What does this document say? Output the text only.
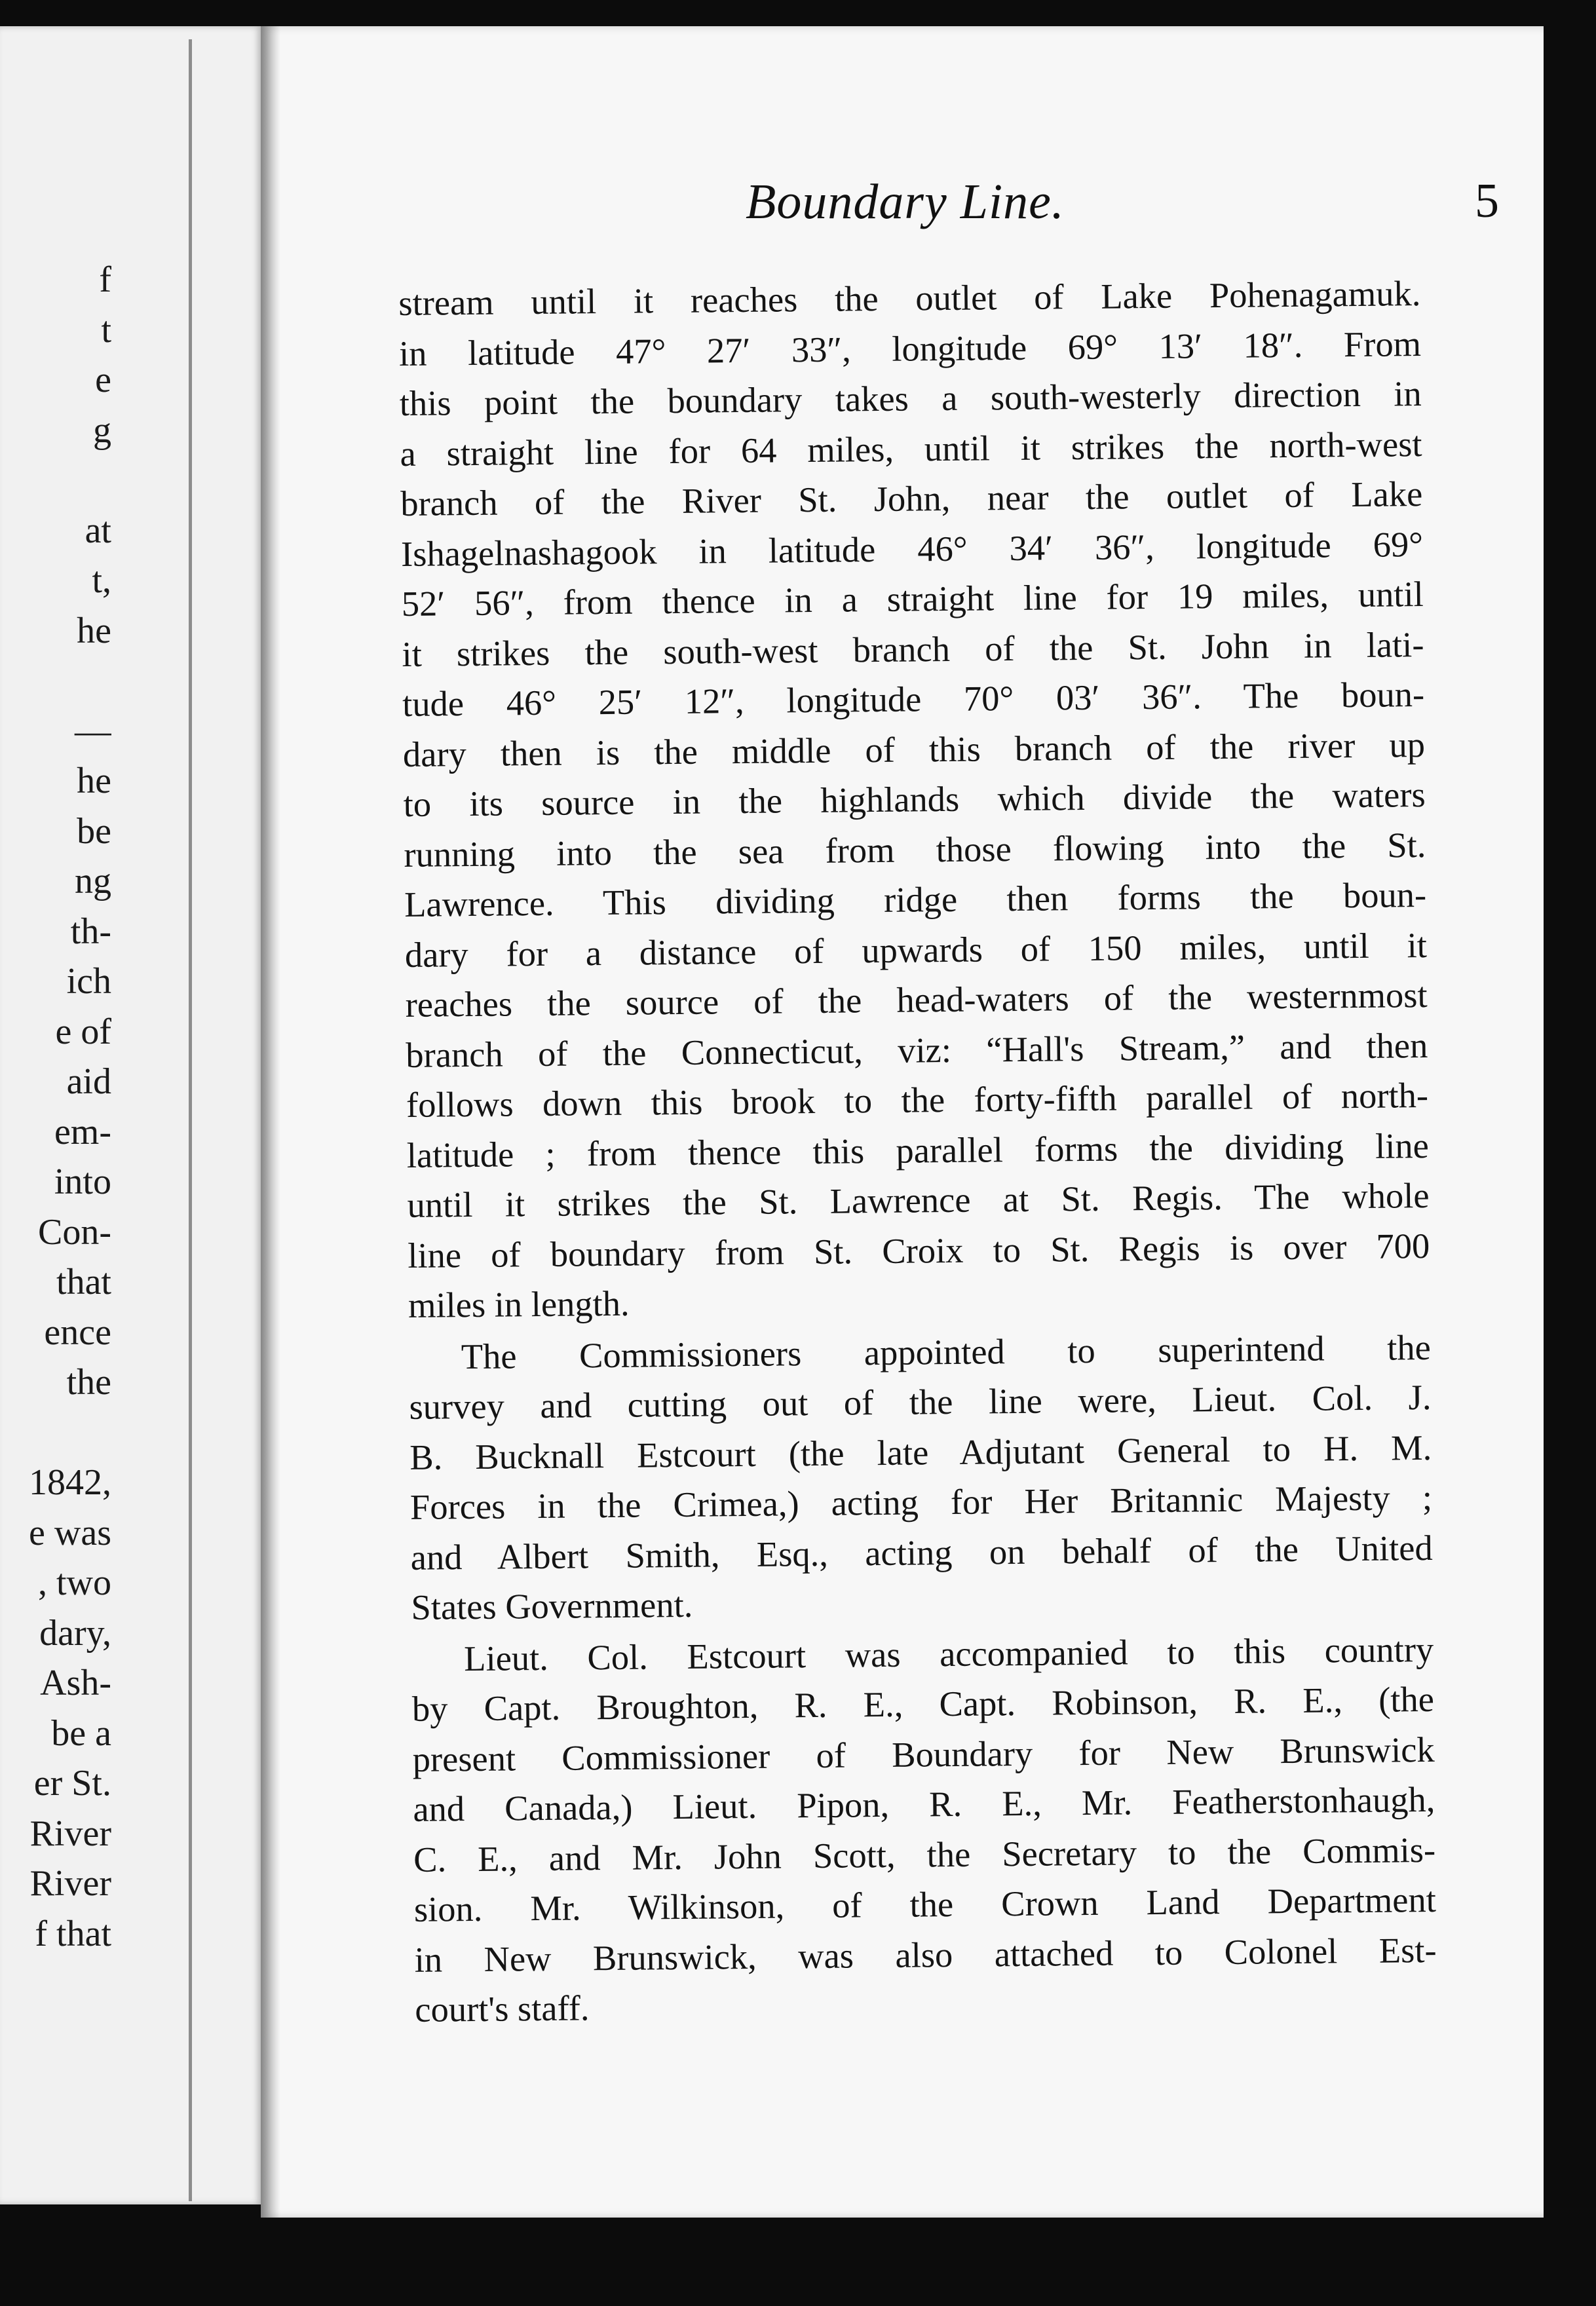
f
t
e
g
at
t,
he
—
he
be
ng
th-
ich
e of
aid
em-
into
Con-
that
ence
the
1842,
e was
, two
dary,
Ash-
be a
er St.
River
River
f that
Boundary Line.	5
stream until it reaches the outlet of Lake Pohenagamuk.
in latitude 47° 27′ 33″, longitude 69° 13′ 18″. From
this point the boundary takes a south-westerly direction in
a straight line for 64 miles, until it strikes the north-west
branch of the River St. John, near the outlet of Lake
Ishagelnashagook in latitude 46° 34′ 36″, longitude 69°
52′ 56″, from thence in a straight line for 19 miles, until
it strikes the south-west branch of the St. John in lati-
tude 46° 25′ 12″, longitude 70° 03′ 36″. The boun-
dary then is the middle of this branch of the river up
to its source in the highlands which divide the waters
running into the sea from those flowing into the St.
Lawrence. This dividing ridge then forms the boun-
dary for a distance of upwards of 150 miles, until it
reaches the source of the head-waters of the westernmost
branch of the Connecticut, viz: “Hall's Stream,” and then
follows down this brook to the forty-fifth parallel of north-
latitude ; from thence this parallel forms the dividing line
until it strikes the St. Lawrence at St. Regis. The whole
line of boundary from St. Croix to St. Regis is over 700
miles in length.
The Commissioners appointed to superintend the
survey and cutting out of the line were, Lieut. Col. J.
B. Bucknall Estcourt (the late Adjutant General to H. M.
Forces in the Crimea,) acting for Her Britannic Majesty ;
and Albert Smith, Esq., acting on behalf of the United
States Government.
Lieut. Col. Estcourt was accompanied to this country
by Capt. Broughton, R. E., Capt. Robinson, R. E., (the
present Commissioner of Boundary for New Brunswick
and Canada,) Lieut. Pipon, R. E., Mr. Featherstonhaugh,
C. E., and Mr. John Scott, the Secretary to the Commis-
sion. Mr. Wilkinson, of the Crown Land Department
in New Brunswick, was also attached to Colonel Est-
court's staff.
